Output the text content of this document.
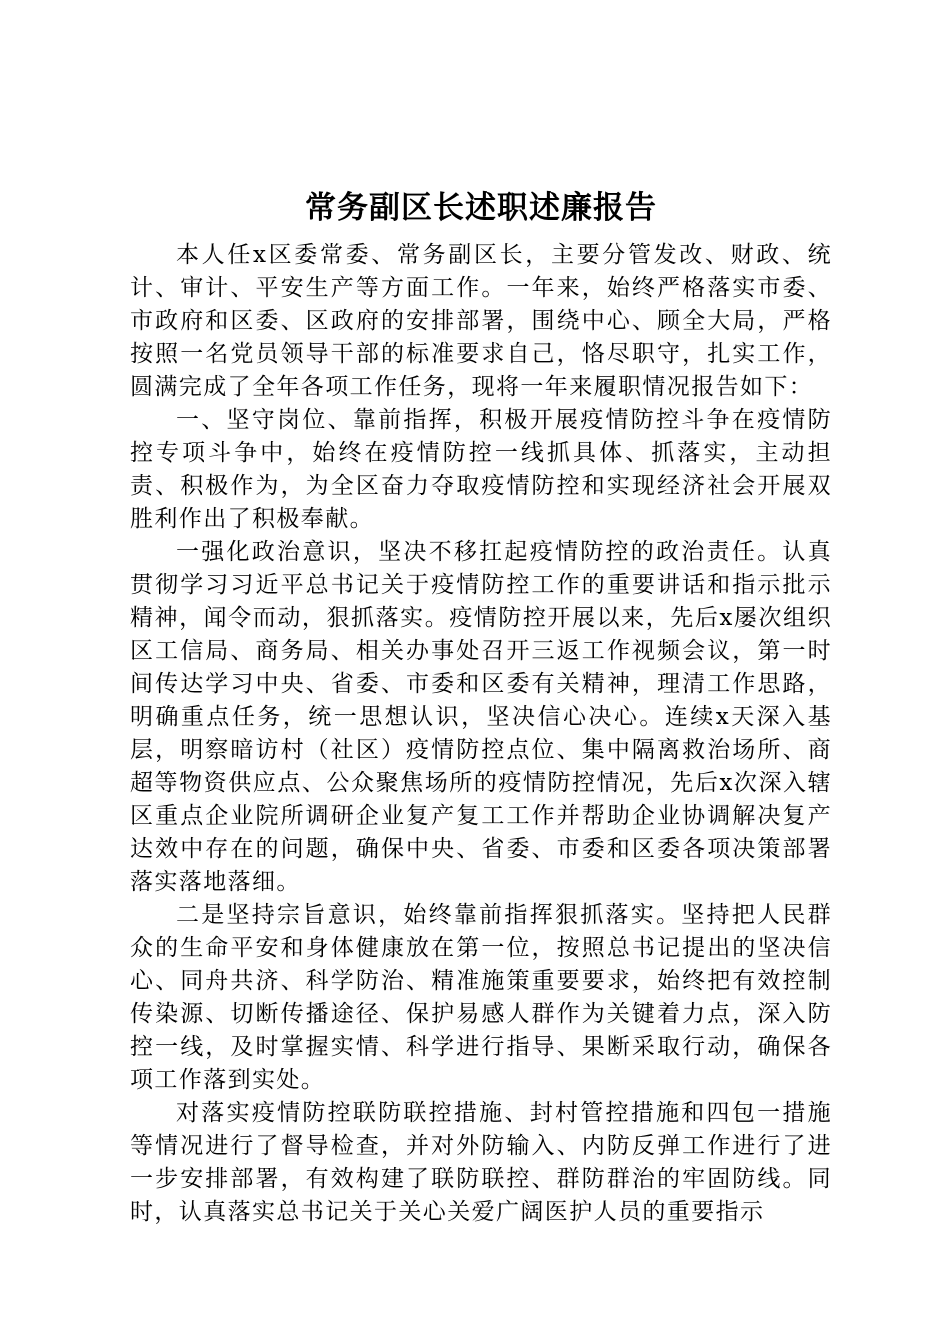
常务副区长述职述廉报告

本人任x区委常委、常务副区长，主要分管发改、财政、统计、审计、平安生产等方面工作。一年来，始终严格落实市委、市政府和区委、区政府的安排部署，围绕中心、顾全大局，严格按照一名党员领导干部的标准要求自己，恪尽职守，扎实工作，圆满完成了全年各项工作任务，现将一年来履职情况报告如下：

一、坚守岗位、靠前指挥，积极开展疫情防控斗争在疫情防控专项斗争中，始终在疫情防控一线抓具体、抓落实，主动担责、积极作为，为全区奋力夺取疫情防控和实现经济社会开展双胜利作出了积极奉献。

一强化政治意识，坚决不移扛起疫情防控的政治责任。认真贯彻学习习近平总书记关于疫情防控工作的重要讲话和指示批示精神，闻令而动，狠抓落实。疫情防控开展以来，先后x屡次组织区工信局、商务局、相关办事处召开三返工作视频会议，第一时间传达学习中央、省委、市委和区委有关精神，理清工作思路，明确重点任务，统一思想认识，坚决信心决心。连续x天深入基层，明察暗访村（社区）疫情防控点位、集中隔离救治场所、商超等物资供应点、公众聚焦场所的疫情防控情况，先后x次深入辖区重点企业院所调研企业复产复工工作并帮助企业协调解决复产达效中存在的问题，确保中央、省委、市委和区委各项决策部署落实落地落细。

二是坚持宗旨意识，始终靠前指挥狠抓落实。坚持把人民群众的生命平安和身体健康放在第一位，按照总书记提出的坚决信心、同舟共济、科学防治、精准施策重要要求，始终把有效控制传染源、切断传播途径、保护易感人群作为关键着力点，深入防控一线，及时掌握实情、科学进行指导、果断采取行动，确保各项工作落到实处。

对落实疫情防控联防联控措施、封村管控措施和四包一措施等情况进行了督导检查，并对外防输入、内防反弹工作进行了进一步安排部署，有效构建了联防联控、群防群治的牢固防线。同时，认真落实总书记关于关心关爱广阔医护人员的重要指示
